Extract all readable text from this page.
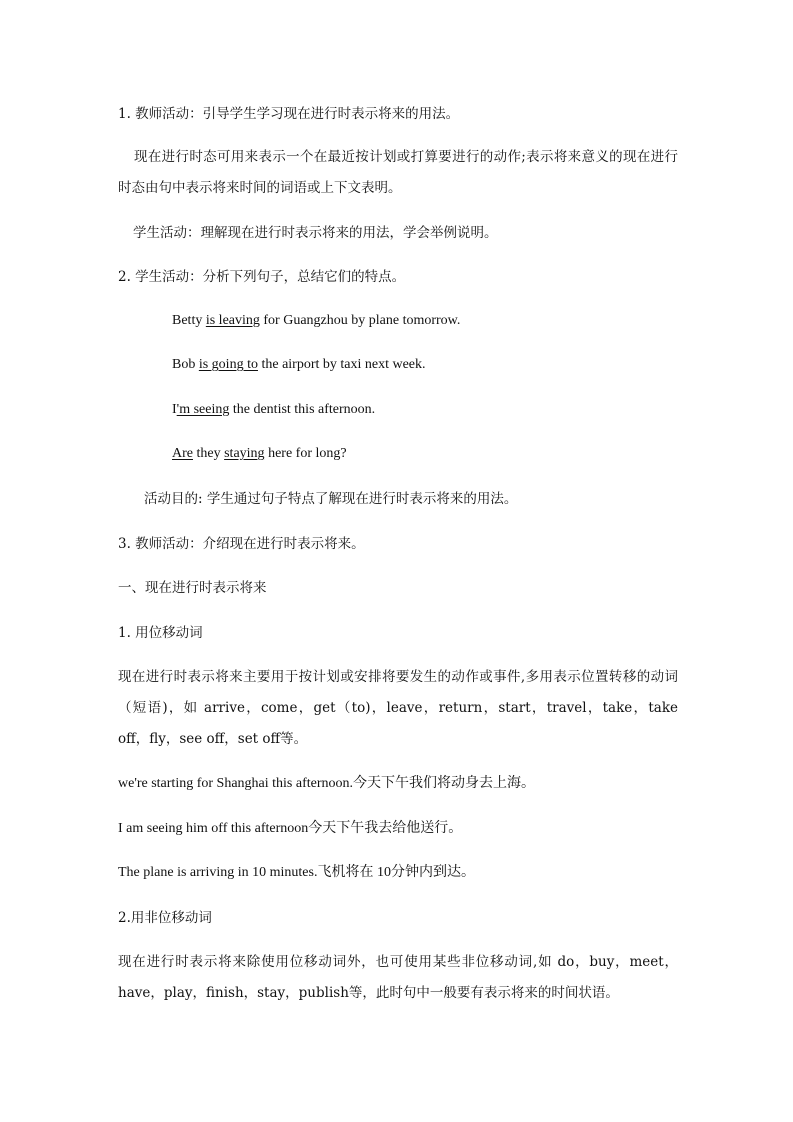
1. 教师活动：引导学生学习现在进行时表示将来的用法。

现在进行时态可用来表示一个在最近按计划或打算要进行的动作;表示将来意义的现在进行时态由句中表示将来时间的词语或上下文表明。

学生活动：理解现在进行时表示将来的用法，学会举例说明。

2. 学生活动：分析下列句子，总结它们的特点。

Betty is leaving for Guangzhou by plane tomorrow.

Bob is going to the airport by taxi next week.

I'm seeing the dentist this afternoon.

Are they staying here for long?

活动目的: 学生通过句子特点了解现在进行时表示将来的用法。

3. 教师活动：介绍现在进行时表示将来。

一、现在进行时表示将来

1. 用位移动词

现在进行时表示将来主要用于按计划或安排将要发生的动作或事件,多用表示位置转移的动词（短语)，如 arrive，come，get（to)，leave，return，start，travel，take，take off，fly，see off，set off等。

we're starting for Shanghai this afternoon.今天下午我们将动身去上海。

I am seeing him off this afternoon今天下午我去给他送行。

The plane is arriving in 10 minutes.飞机将在 10分钟内到达。

2.用非位移动词

现在进行时表示将来除使用位移动词外，也可使用某些非位移动词,如 do，buy，meet，have，play，finish，stay，publish等，此时句中一般要有表示将来的时间状语。
